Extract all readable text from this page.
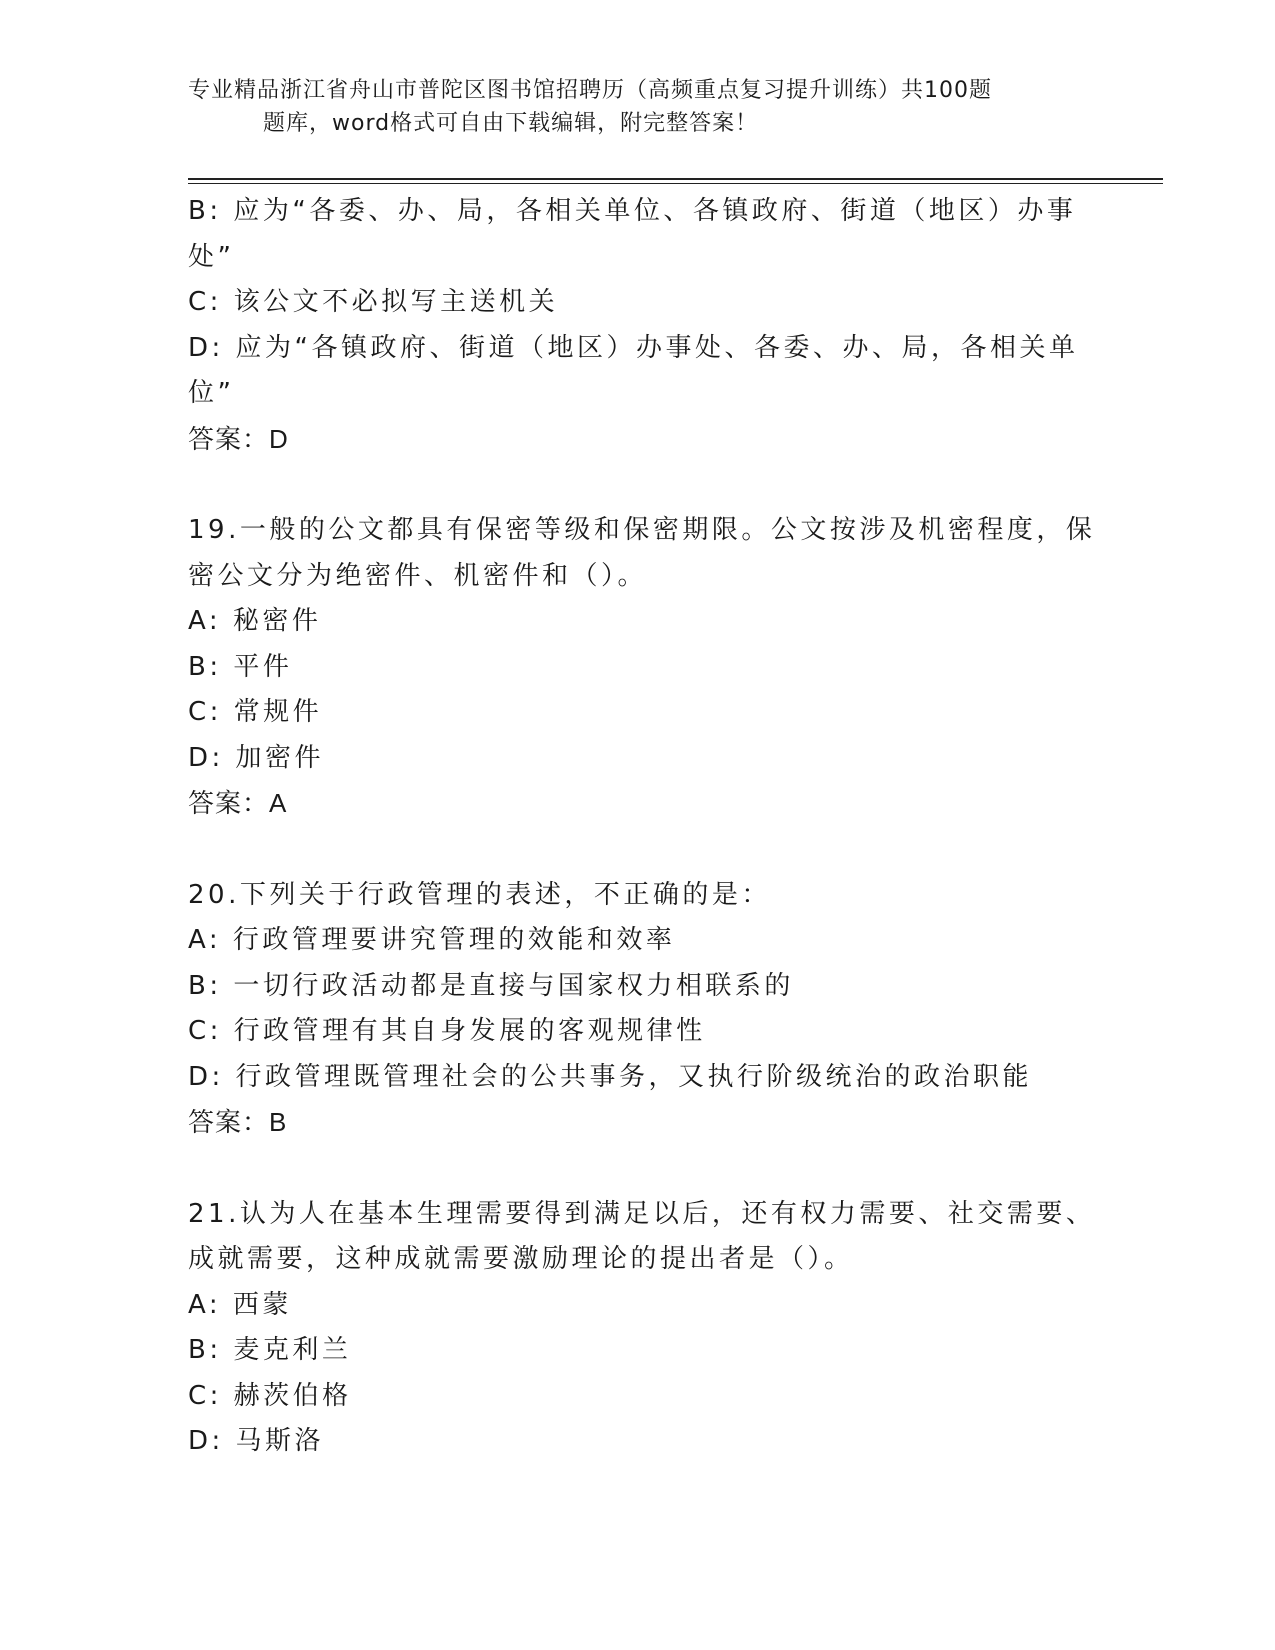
专业精品浙江省舟山市普陀区图书馆招聘历（高频重点复习提升训练）共100题
题库，word格式可自由下载编辑，附完整答案！
B: 应为“各委、办、局，各相关单位、各镇政府、街道（地区）办事
处”
C: 该公文不必拟写主送机关
D: 应为“各镇政府、街道（地区）办事处、各委、办、局，各相关单
位”
答案：D
19.一般的公文都具有保密等级和保密期限。公文按涉及机密程度，保
密公文分为绝密件、机密件和（）。
A: 秘密件
B: 平件
C: 常规件
D: 加密件
答案：A
20.下列关于行政管理的表述，不正确的是：
A: 行政管理要讲究管理的效能和效率
B: 一切行政活动都是直接与国家权力相联系的
C: 行政管理有其自身发展的客观规律性
D: 行政管理既管理社会的公共事务，又执行阶级统治的政治职能
答案：B
21.认为人在基本生理需要得到满足以后，还有权力需要、社交需要、
成就需要，这种成就需要激励理论的提出者是（）。
A: 西蒙
B: 麦克利兰
C: 赫茨伯格
D: 马斯洛
